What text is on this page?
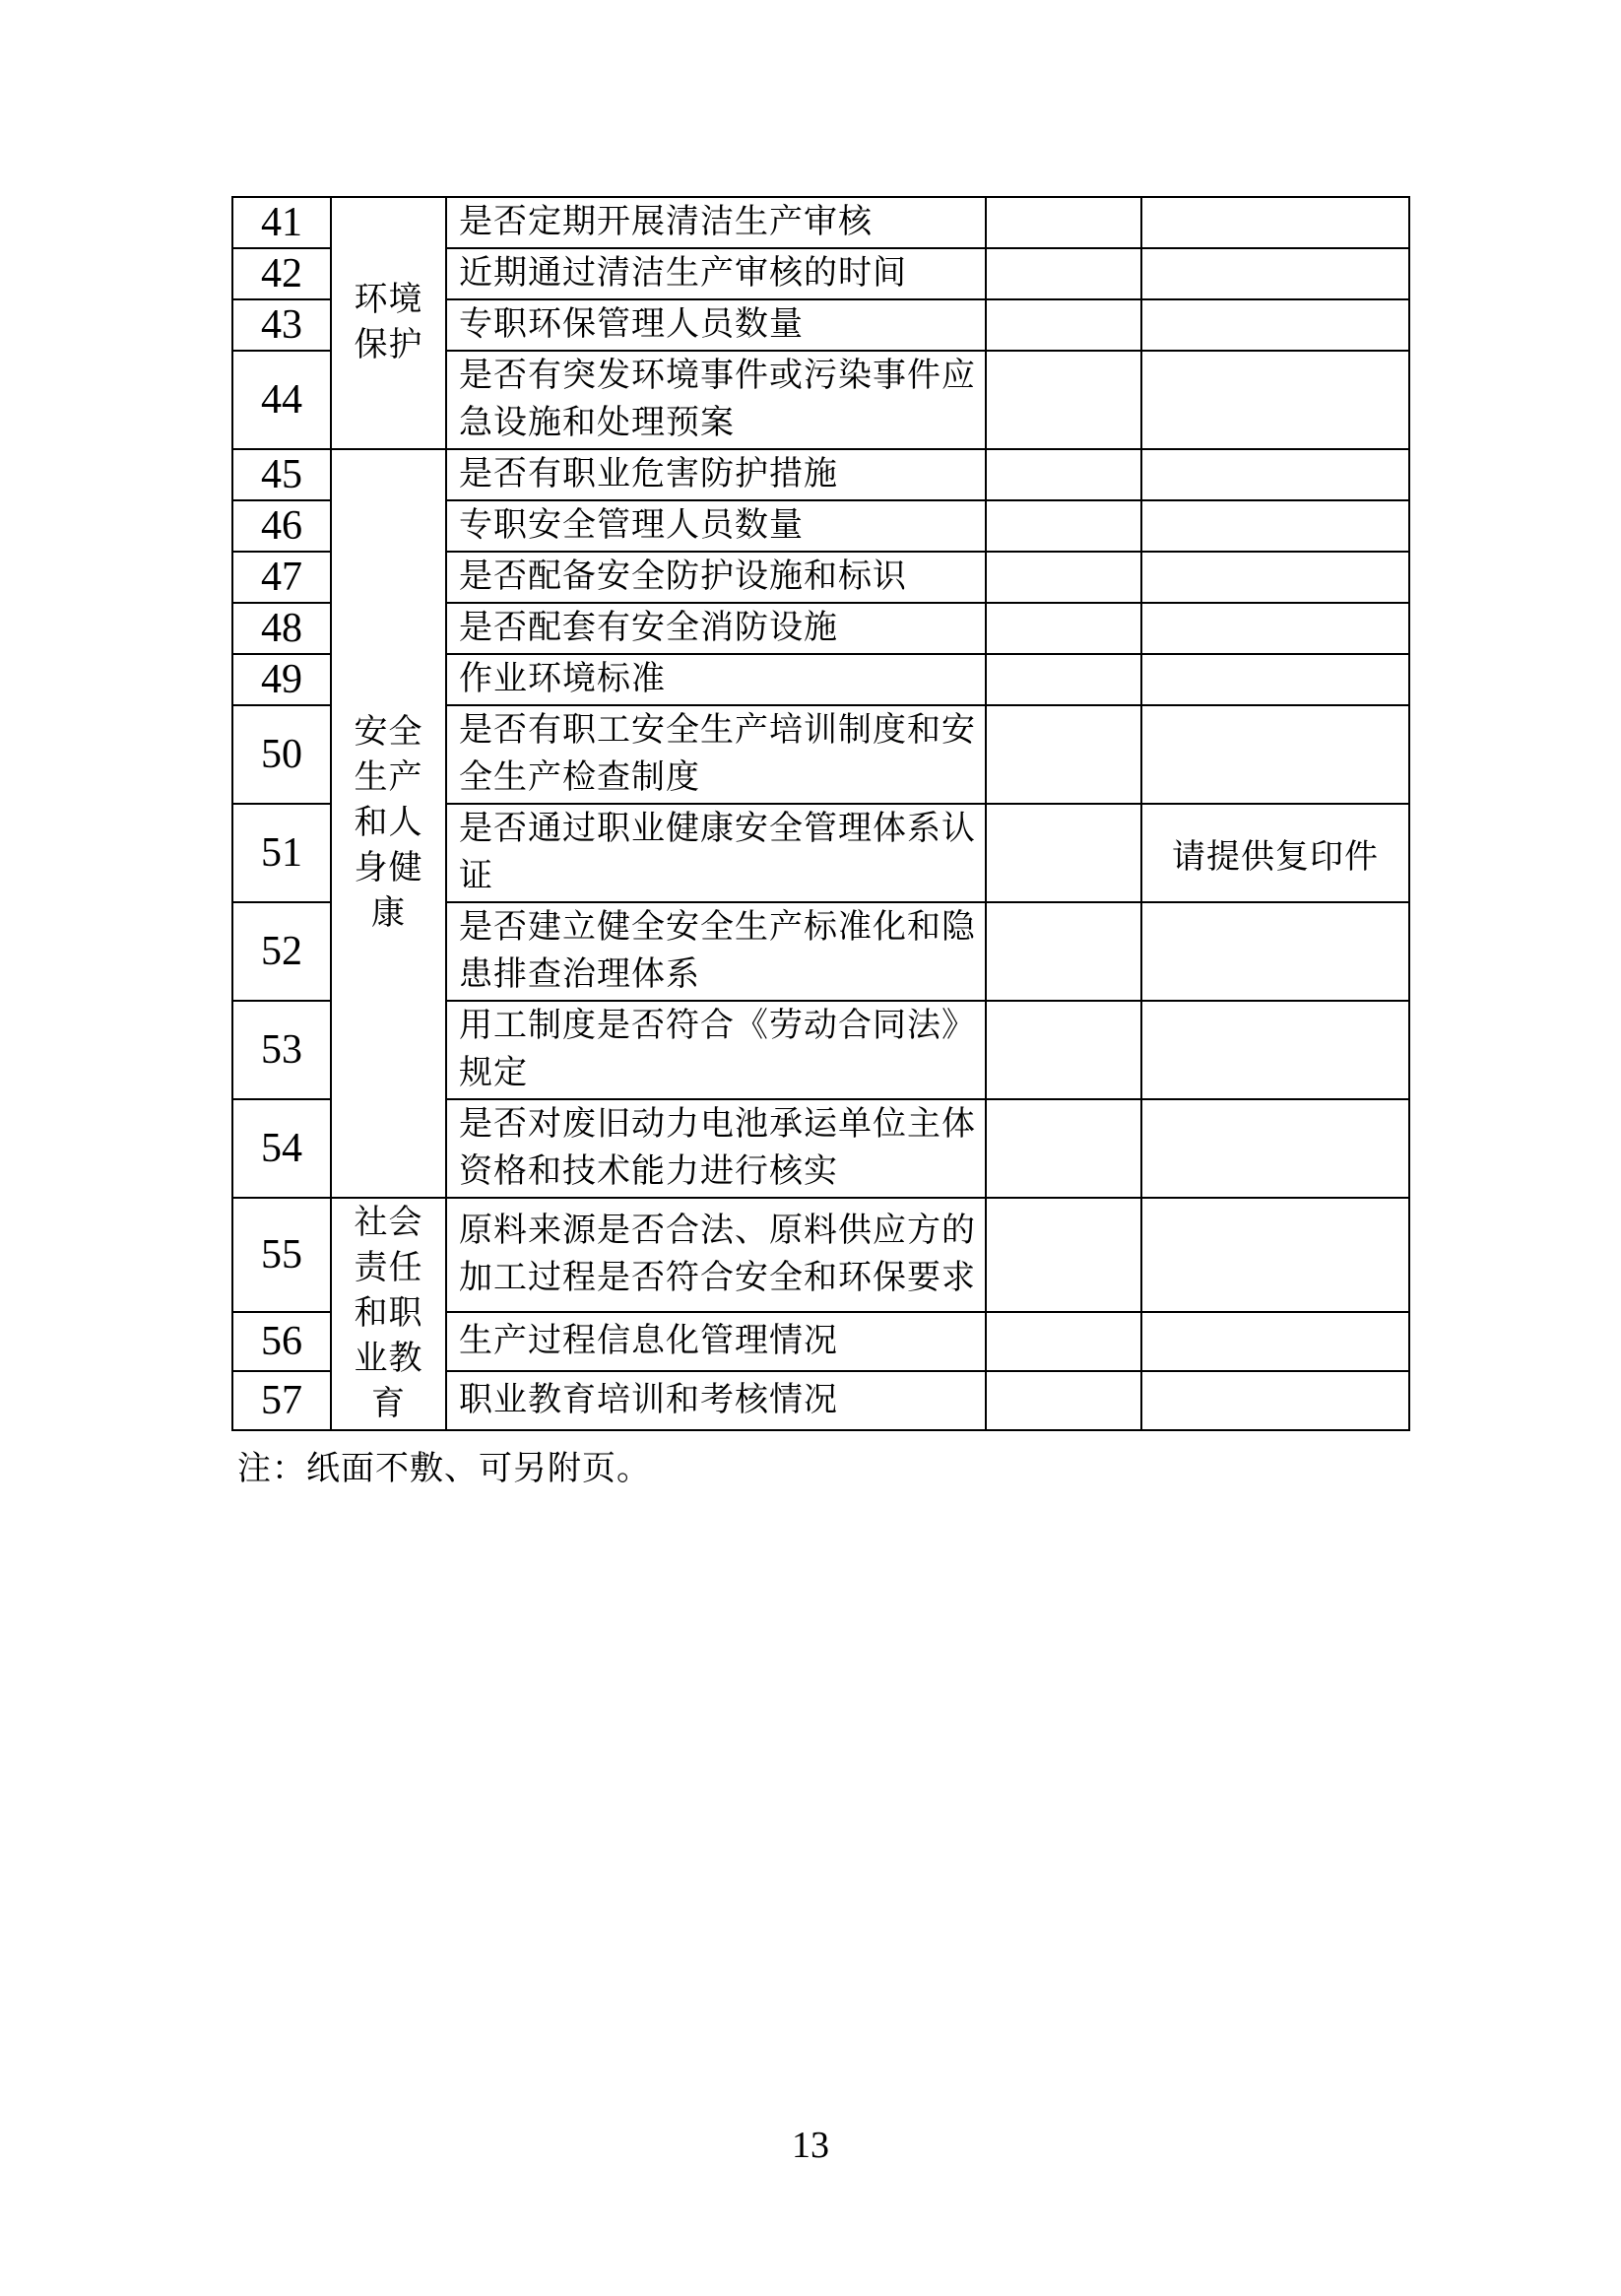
41	环境保护	是否定期开展清洁生产审核		
42		近期通过清洁生产审核的时间		
43		专职环保管理人员数量		
44		是否有突发环境事件或污染事件应急设施和处理预案		
45	安全生产和人身健康	是否有职业危害防护措施		
46		专职安全管理人员数量		
47		是否配备安全防护设施和标识		
48		是否配套有安全消防设施		
49		作业环境标准		
50		是否有职工安全生产培训制度和安全生产检查制度		
51		是否通过职业健康安全管理体系认证		请提供复印件
52		是否建立健全安全生产标准化和隐患排查治理体系		
53		用工制度是否符合《劳动合同法》规定		
54		是否对废旧动力电池承运单位主体资格和技术能力进行核实		
55	社会责任和职业教育	原料来源是否合法、原料供应方的加工过程是否符合安全和环保要求		
56		生产过程信息化管理情况		
57		职业教育培训和考核情况		
注：纸面不敷、可另附页。
13
